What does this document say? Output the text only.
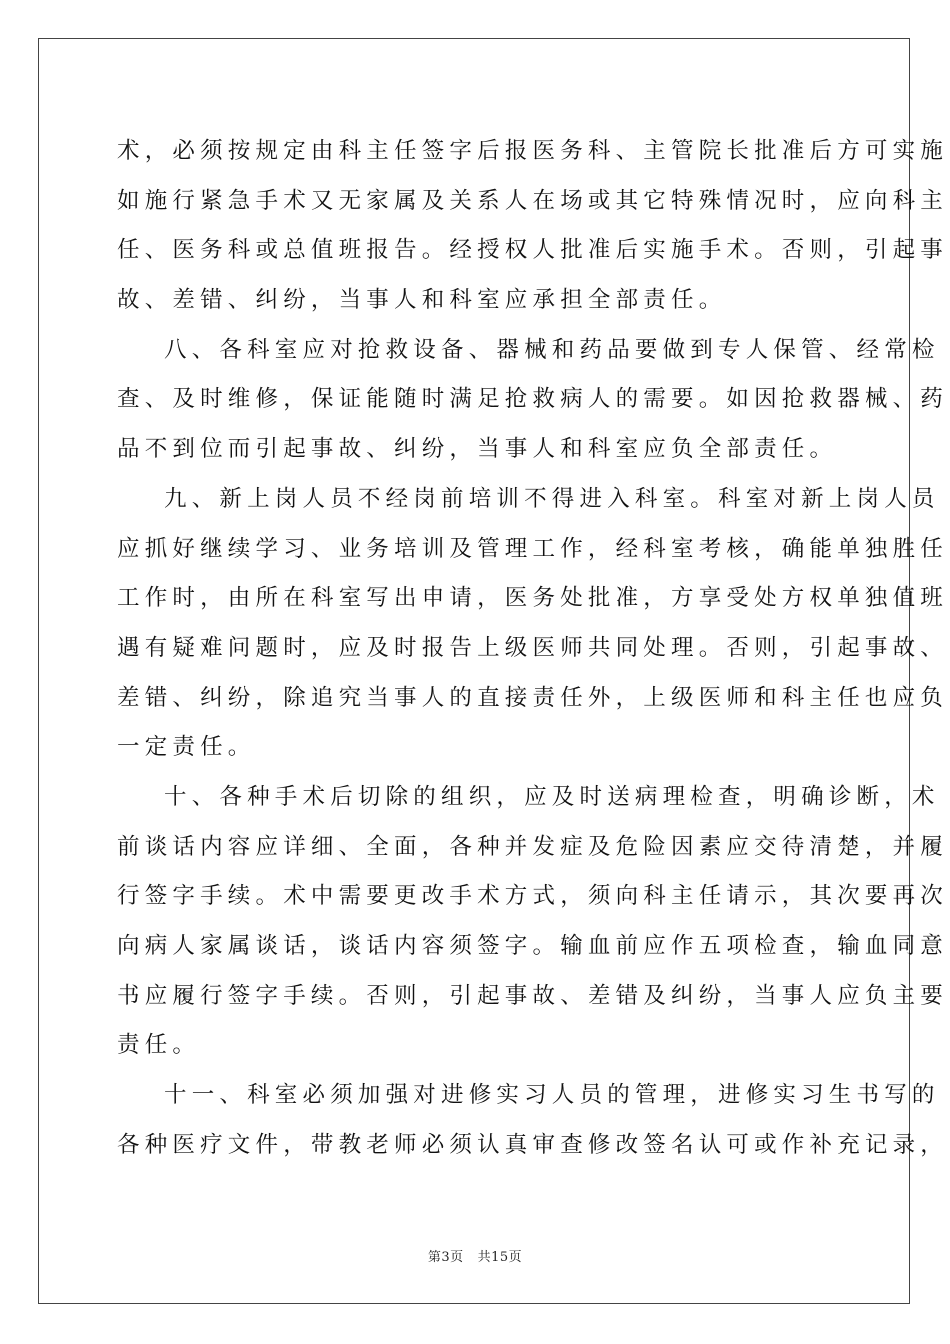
术，必须按规定由科主任签字后报医务科、主管院长批准后方可实施
如施行紧急手术又无家属及关系人在场或其它特殊情况时，应向科主
任、医务科或总值班报告。经授权人批准后实施手术。否则，引起事
故、差错、纠纷，当事人和科室应承担全部责任。
八、各科室应对抢救设备、器械和药品要做到专人保管、经常检
查、及时维修，保证能随时满足抢救病人的需要。如因抢救器械、药
品不到位而引起事故、纠纷，当事人和科室应负全部责任。
九、新上岗人员不经岗前培训不得进入科室。科室对新上岗人员
应抓好继续学习、业务培训及管理工作，经科室考核，确能单独胜任
工作时，由所在科室写出申请，医务处批准，方享受处方权单独值班
遇有疑难问题时，应及时报告上级医师共同处理。否则，引起事故、
差错、纠纷，除追究当事人的直接责任外，上级医师和科主任也应负
一定责任。
十、各种手术后切除的组织，应及时送病理检查，明确诊断，术
前谈话内容应详细、全面，各种并发症及危险因素应交待清楚，并履
行签字手续。术中需要更改手术方式，须向科主任请示，其次要再次
向病人家属谈话，谈话内容须签字。输血前应作五项检查，输血同意
书应履行签字手续。否则，引起事故、差错及纠纷，当事人应负主要
责任。
十一、科室必须加强对进修实习人员的管理，进修实习生书写的
各种医疗文件，带教老师必须认真审查修改签名认可或作补充记录，
第3页 共15页
